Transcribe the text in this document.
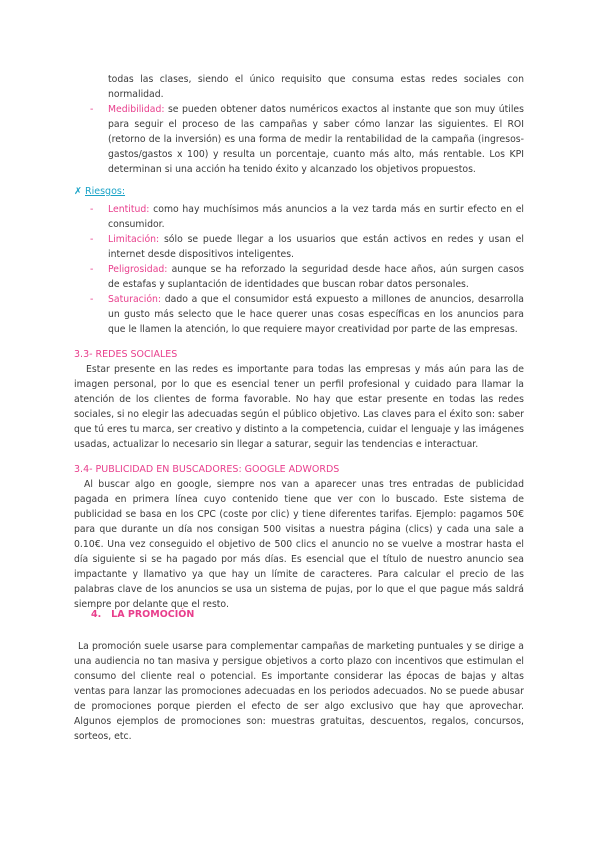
todas las clases, siendo el único requisito que consuma estas redes sociales con normalidad.

-	Medibilidad: se pueden obtener datos numéricos exactos al instante que son muy útiles para seguir el proceso de las campañas y saber cómo lanzar las siguientes. El ROI (retorno de la inversión) es una forma de medir la rentabilidad de la campaña (ingresos-gastos/gastos x 100) y resulta un porcentaje, cuanto más alto, más rentable. Los KPI determinan si una acción ha tenido éxito y alcanzado los objetivos propuestos.

✗ Riesgos:
-	Lentitud: como hay muchísimos más anuncios a la vez tarda más en surtir efecto en el consumidor.

-	Limitación: sólo se puede llegar a los usuarios que están activos en redes y usan el internet desde dispositivos inteligentes.

-	Peligrosidad: aunque se ha reforzado la seguridad desde hace años, aún surgen casos de estafas y suplantación de identidades que buscan robar datos personales.

-	Saturación: dado a que el consumidor está expuesto a millones de anuncios, desarrolla un gusto más selecto que le hace querer unas cosas específicas en los anuncios para que le llamen la atención, lo que requiere mayor creatividad por parte de las empresas.

3.3- REDES SOCIALES

Estar presente en las redes es importante para todas las empresas y más aún para las de imagen personal, por lo que es esencial tener un perfil profesional y cuidado para llamar la atención de los clientes de forma favorable. No hay que estar presente en todas las redes sociales, si no elegir las adecuadas según el público objetivo. Las claves para el éxito son: saber que tú eres tu marca, ser creativo y distinto a la competencia, cuidar el lenguaje y las imágenes usadas, actualizar lo necesario sin llegar a saturar, seguir las tendencias e interactuar.

3.4- PUBLICIDAD EN BUSCADORES: GOOGLE ADWORDS

Al buscar algo en google, siempre nos van a aparecer unas tres entradas de publicidad pagada en primera línea cuyo contenido tiene que ver con lo buscado. Este sistema de publicidad se basa en los CPC (coste por clic) y tiene diferentes tarifas. Ejemplo: pagamos 50€ para que durante un día nos consigan 500 visitas a nuestra página (clics) y cada una sale a 0.10€. Una vez conseguido el objetivo de 500 clics el anuncio no se vuelve a mostrar hasta el día siguiente si se ha pagado por más días. Es esencial que el título de nuestro anuncio sea impactante y llamativo ya que hay un límite de caracteres. Para calcular el precio de las palabras clave de los anuncios se usa un sistema de pujas, por lo que el que pague más saldrá siempre por delante que el resto.

4. LA PROMOCIÓN

La promoción suele usarse para complementar campañas de marketing puntuales y se dirige a una audiencia no tan masiva y persigue objetivos a corto plazo con incentivos que estimulan el consumo del cliente real o potencial. Es importante considerar las épocas de bajas y altas ventas para lanzar las promociones adecuadas en los periodos adecuados. No se puede abusar de promociones porque pierden el efecto de ser algo exclusivo que hay que aprovechar. Algunos ejemplos de promociones son: muestras gratuitas, descuentos, regalos, concursos, sorteos, etc.
